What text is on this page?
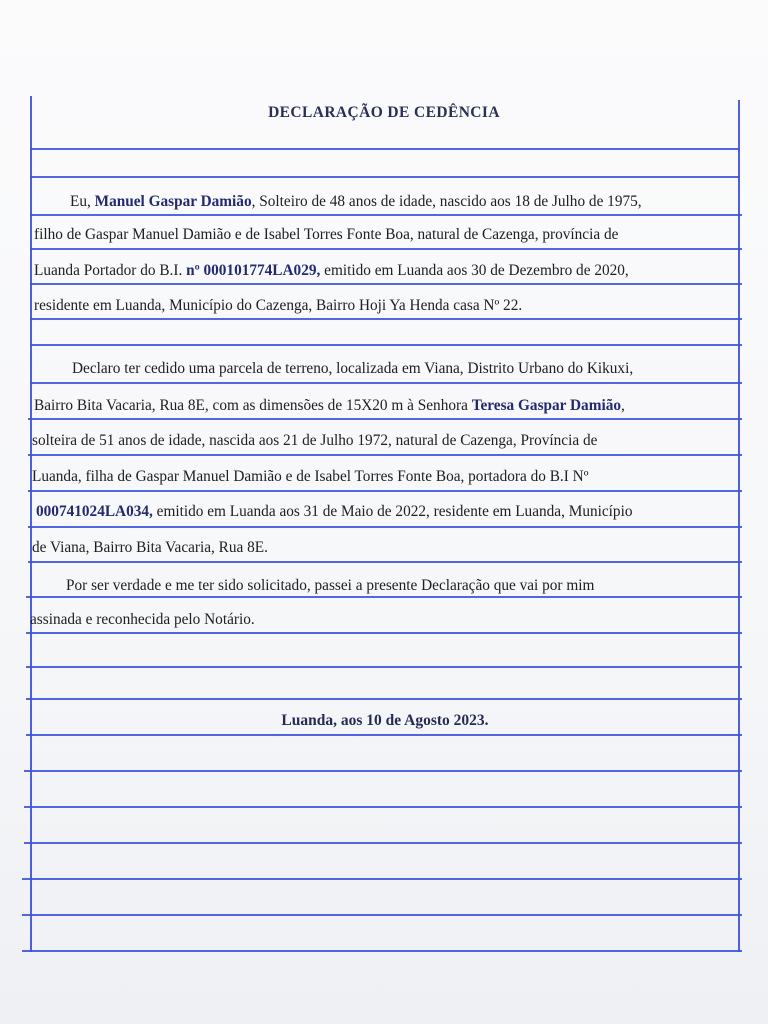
DECLARAÇÃO DE CEDÊNCIA
Eu, Manuel Gaspar Damião, Solteiro de 48 anos de idade, nascido aos 18 de Julho de 1975,
filho de Gaspar Manuel Damião e de Isabel Torres Fonte Boa, natural de Cazenga, província de
Luanda Portador do B.I. nº 000101774LA029, emitido em Luanda aos 30 de Dezembro de 2020,
residente em Luanda, Município do Cazenga, Bairro Hoji Ya Henda casa Nº 22.
Declaro ter cedido uma parcela de terreno, localizada em Viana, Distrito Urbano do Kikuxi,
Bairro Bita Vacaria, Rua 8E, com as dimensões de 15X20 m à Senhora Teresa Gaspar Damião,
solteira de 51 anos de idade, nascida aos 21 de Julho 1972, natural de Cazenga, Província de
Luanda, filha de Gaspar Manuel Damião e de Isabel Torres Fonte Boa, portadora do B.I Nº
000741024LA034, emitido em Luanda aos 31 de Maio de 2022, residente em Luanda, Município
de Viana, Bairro Bita Vacaria, Rua 8E.
Por ser verdade e me ter sido solicitado, passei a presente Declaração que vai por mim
assinada e reconhecida pelo Notário.
Luanda, aos 10 de Agosto 2023.
